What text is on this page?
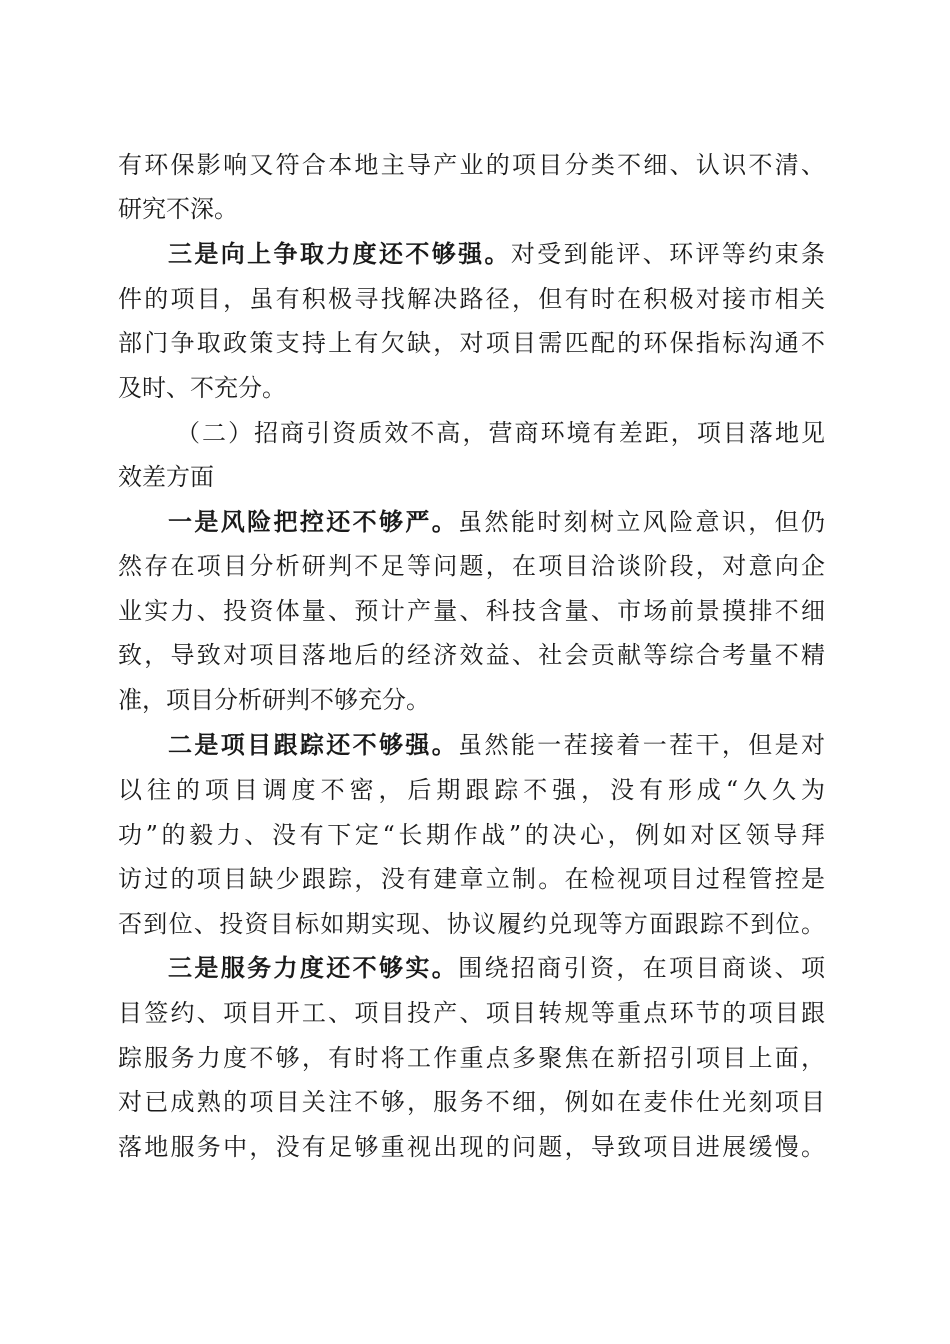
有环保影响又符合本地主导产业的项目分类不细、认识不清、

研究不深。

三是向上争取力度还不够强。对受到能评、环评等约束条

件的项目，虽有积极寻找解决路径，但有时在积极对接市相关

部门争取政策支持上有欠缺，对项目需匹配的环保指标沟通不

及时、不充分。

（二）招商引资质效不高，营商环境有差距，项目落地见

效差方面

一是风险把控还不够严。虽然能时刻树立风险意识，但仍

然存在项目分析研判不足等问题，在项目洽谈阶段，对意向企

业实力、投资体量、预计产量、科技含量、市场前景摸排不细

致，导致对项目落地后的经济效益、社会贡献等综合考量不精

准，项目分析研判不够充分。

二是项目跟踪还不够强。虽然能一茬接着一茬干，但是对

以往的项目调度不密，后期跟踪不强，没有形成“久久为

功”的毅力、没有下定“长期作战”的决心，例如对区领导拜

访过的项目缺少跟踪，没有建章立制。在检视项目过程管控是

否到位、投资目标如期实现、协议履约兑现等方面跟踪不到位。

三是服务力度还不够实。围绕招商引资，在项目商谈、项

目签约、项目开工、项目投产、项目转规等重点环节的项目跟

踪服务力度不够，有时将工作重点多聚焦在新招引项目上面，

对已成熟的项目关注不够，服务不细，例如在麦佧仕光刻项目

落地服务中，没有足够重视出现的问题，导致项目进展缓慢。
